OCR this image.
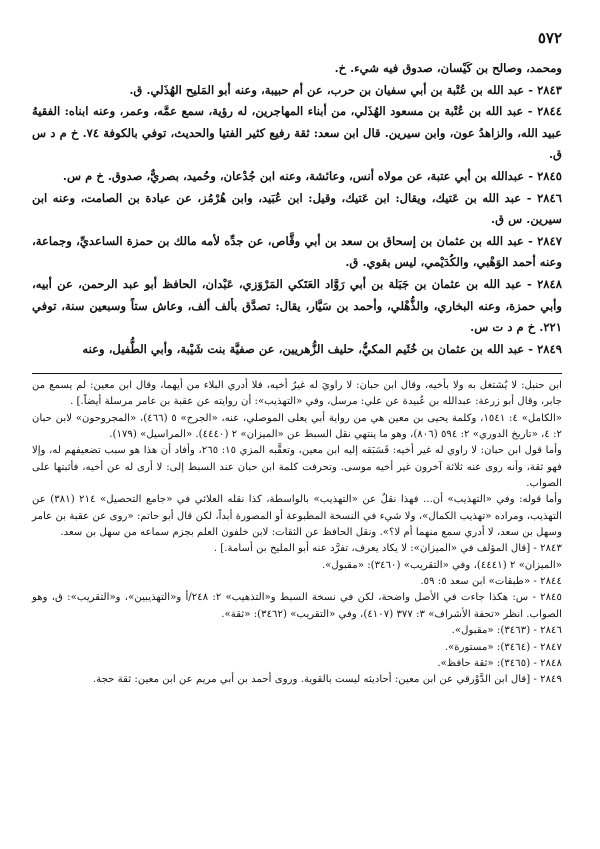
٥٧٢

ومحمد، وصالح بن كَيْسان، صدوق فيه شيء. خ.

٢٨٤٣ - عبد الله بن عُتْبة بن أبي سفيان بن حرب، عن أم حبيبة، وعنه أبو المَليح الهُذَلي. ق.

٢٨٤٤ - عبد الله بن عُتْبة بن مسعود الهُذَلي، من أبناء المهاجرين، له رؤية، سمع عمَّه، وعمر، وعنه ابناه: الفقيهُ عبيد الله، والزاهدُ عون، وابن سيرين. قال ابن سعد: ثقة رفيع كثير الفتيا والحديث، توفي بالكوفة ٧٤. خ م د س ق.

٢٨٤٥ - عبدالله بن أبي عتبة، عن مولاه أنس، وعائشة، وعنه ابن جُدْعان، وحُميد، بصريٌّ، صدوق. خ م س.

٢٨٤٦ - عبد الله بن عَتيك، ويقال: ابن عَتيك، وقيل: ابن عُبَيد، وابن هُرْمُز، عن عبادة بن الصامت، وعنه ابن سيرين. س ق.

٢٨٤٧ - عبد الله بن عثمان بن إسحاق بن سعد بن أبي وقَّاص، عن جدِّه لأمه مالك بن حمزة الساعديِّ، وجماعة، وعنه أحمد الوَهْبي، والكُدَيْمي، ليس بقوي. ق.

٢٨٤٨ - عبد الله بن عثمان بن جَبَلة بن أبي رَوَّاد العَتَكي المَرْوَزي، عَبْدان، الحافظ أبو عبد الرحمن، عن أبيه، وأبي حمزة، وعنه البخاري، والذُّهْلي، وأحمد بن سَيَّار، يقال: تصدَّق بألف ألف، وعاش ستاً وسبعين سنة، توفي ٢٢١. خ م د ت س.

٢٨٤٩ - عبد الله بن عثمان بن خُثَيم المكيُّ، حليف الزُّهريين، عن صفيَّة بنت شَيْبة، وأبي الطُّفيل، وعنه

ابن حنبل: لا يُشتغل به ولا بأخيه، وقال ابن حبان: لا راويَ له غيرُ أخيه، فلا أدري البلاء من أيهما، وقال ابن معين: لم يسمع من جابر، وقال أبو زرعة: عبدالله بن عُبيدة عن علي: مرسل، وفي «التهذيب»: أن روايته عن عقبة بن عامر مرسلة أيضاً.] .

«الكامل» ٤: ١٥٤١، وكلمة يحيى بن معين هي من رواية أبي يعلى الموصلي، عنه، «الجرح» ٥ (٤٦٦)، «المجروحون» لابن حبان ٢: ٤، «تاريخ الدوري» ٢: ٥٩٤ (٨٠٦)، وهو ما ينتهي نقل السبط عن «الميزان» ٢ (٤٤٤٠). «المراسيل» (١٧٩).

وأما قول ابن حبان: لا راوي له غير أخيه: فَسَبَقه إليه ابن معين، وتعقَّبه المزي ١٥: ٢٦٥، وأفاد أن هذا هو سبب تضعيفهم له، وإلا فهو ثقة، وأنه روى عنه ثلاثة آخرون غير أخيه موسى. وتحرفت كلمة ابن حبان عند السبط إلى: لا أرى له عن أخيه، فأثبتها على الصواب.

وأما قوله: وفي «التهذيب» أن... فهذا نقلٌ عن «التهذيب» بالواسطة، كذا نقله العلائي في «جامع التحصيل» ٢١٤ (٣٨١) عن التهذيب، ومراده «تهذيب الكمال»، ولا شيء في النسخة المطبوعة أو المصورة أبداً، لكن قال أبو حاتم: «روى عن عقبة بن عامر وسهل بن سعد، لا أدري سمع منهما أم لا؟». ونقل الحافظ عن الثقات: لابن خلفون العلم بجزم سماعه من سهل بن سعد.

٢٨٤٣ - [قال المؤلف في «الميزان»: لا يكاد يعرف، تفرَّد عنه أبو المليح بن أسامة.] .

«الميزان» ٢ (٤٤٤١)، وفي «التقريب» (٣٤٦٠): «مقبول».

٢٨٤٤ - «طبقات» ابن سعد ٥: ٥٩.

٢٨٤٥ - س: هكذا جاءت في الأصل واضحة، لكن في نسخة السبط و«التذهيب» ٢: ٢٤٨/أ و«التهذيبين»، و«التقريب»: ق، وهو الصواب. انظر «تحفة الأشراف» ٣: ٣٧٧ (٤١٠٧)، وفي «التقريب» (٣٤٦٢): «ثقة».

٢٨٤٦ - (٣٤٦٣): «مقبول».

٢٨٤٧ - (٣٤٦٤): «مستورة».

٢٨٤٨ - (٣٤٦٥): «ثقة حافظ».

٢٨٤٩ - [قال ابن الدَّوْرقي عن ابن معين: أحاديثه ليست بالقوية. وروى أحمد بن أبي مريم عن ابن معين: ثقة حجة.
